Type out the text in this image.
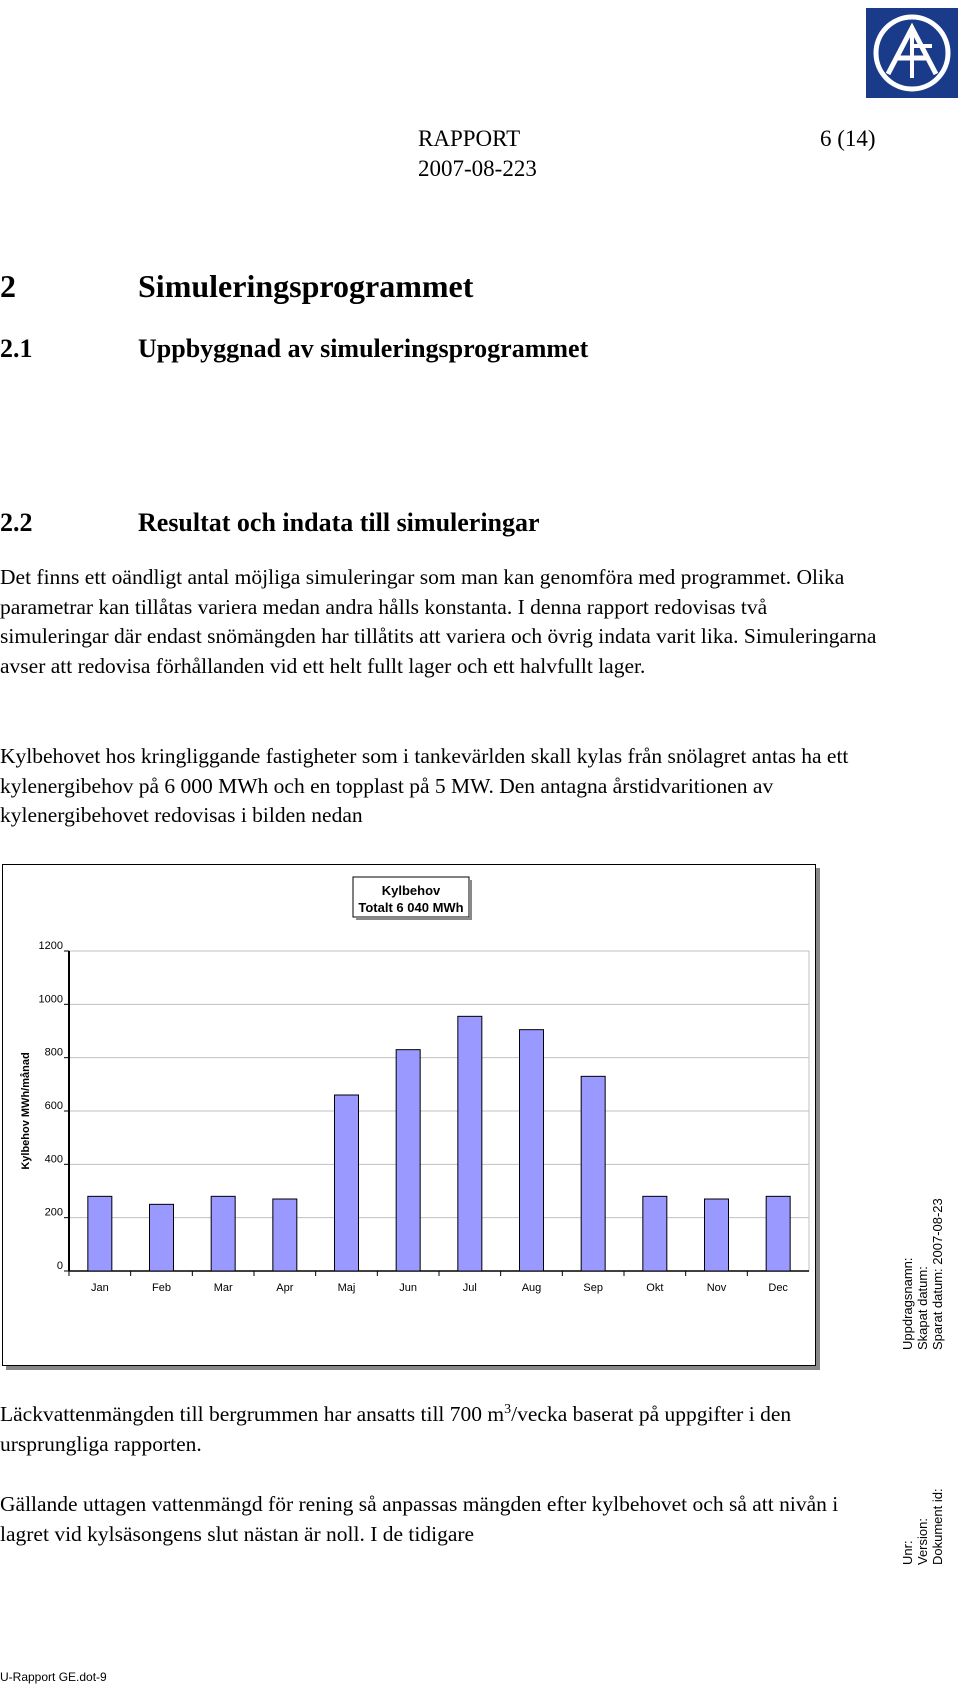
RAPPORT	6 (14)
2007-08-223
2	Simuleringsprogrammet
2.1	Uppbyggnad av simuleringsprogrammet
2.2	Resultat och indata till simuleringar

Det finns ett oändligt antal möjliga simuleringar som man kan genomföra med programmet. Olika parametrar kan tillåtas variera medan andra hålls konstanta. I denna rapport redovisas två simuleringar där endast snömängden har tillåtits att variera och övrig indata varit lika. Simuleringarna avser att redovisa förhållanden vid ett helt fullt lager och ett halvfullt lager.

Kylbehovet hos kringliggande fastigheter som i tankevärlden skall kylas från snölagret antas ha ett kylenergibehov på 6 000 MWh och en topplast på 5 MW. Den antagna årstidvaritionen av kylenergibehovet redovisas i bilden nedan

Kylbehov
Totalt 6 040 MWh
0
200
400
600
800
1000
1200
Kylbehov MWh/månad
Jan	Feb	Mar	Apr	Maj	Jun	Jul	Aug	Sep	Okt	Nov	Dec

Läckvattenmängden till bergrummen har ansatts till 700 $m^3$/vecka baserat på uppgifter i den ursprungliga rapporten.

Gällande uttagen vattenmängd för rening så anpassas mängden efter kylbehovet och så att nivån i lagret vid kylsäsongens slut nästan är noll. I de tidigare

Uppdragsnamn: Skapat datum: Sparat datum: 2007-08-23
Unr: Version: Dokument id:
U-Rapport GE.dot-9
